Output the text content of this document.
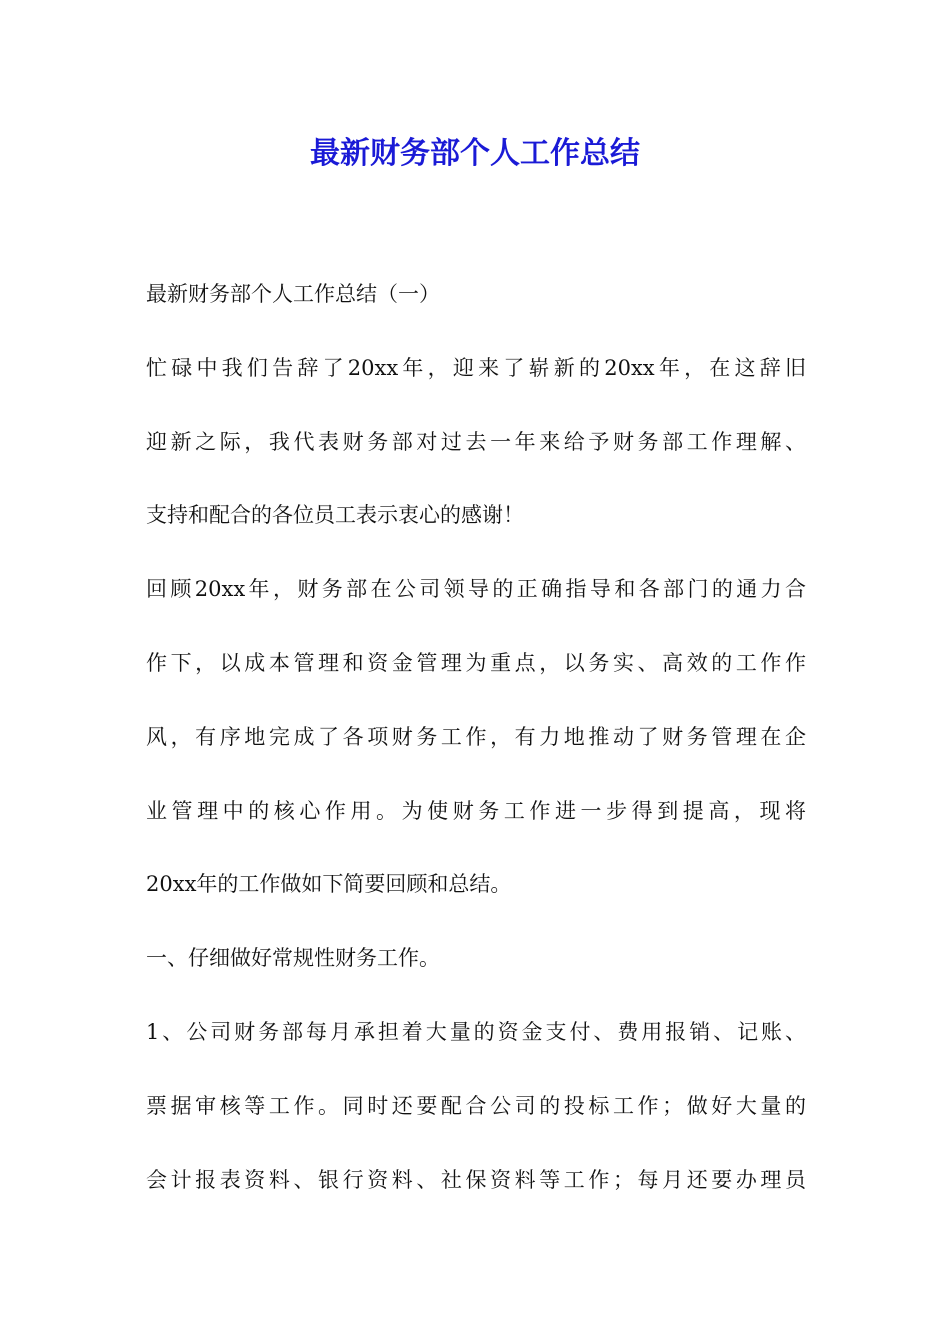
最新财务部个人工作总结
最新财务部个人工作总结（一）
忙碌中我们告辞了20xx年，迎来了崭新的20xx年，在这辞旧
迎新之际，我代表财务部对过去一年来给予财务部工作理解、
支持和配合的各位员工表示衷心的感谢！
回顾20xx年，财务部在公司领导的正确指导和各部门的通力合
作下，以成本管理和资金管理为重点，以务实、高效的工作作
风，有序地完成了各项财务工作，有力地推动了财务管理在企
业管理中的核心作用。为使财务工作进一步得到提高，现将
20xx年的工作做如下简要回顾和总结。
一、仔细做好常规性财务工作。
1、公司财务部每月承担着大量的资金支付、费用报销、记账、
票据审核等工作。同时还要配合公司的投标工作；做好大量的
会计报表资料、银行资料、社保资料等工作；每月还要办理员
